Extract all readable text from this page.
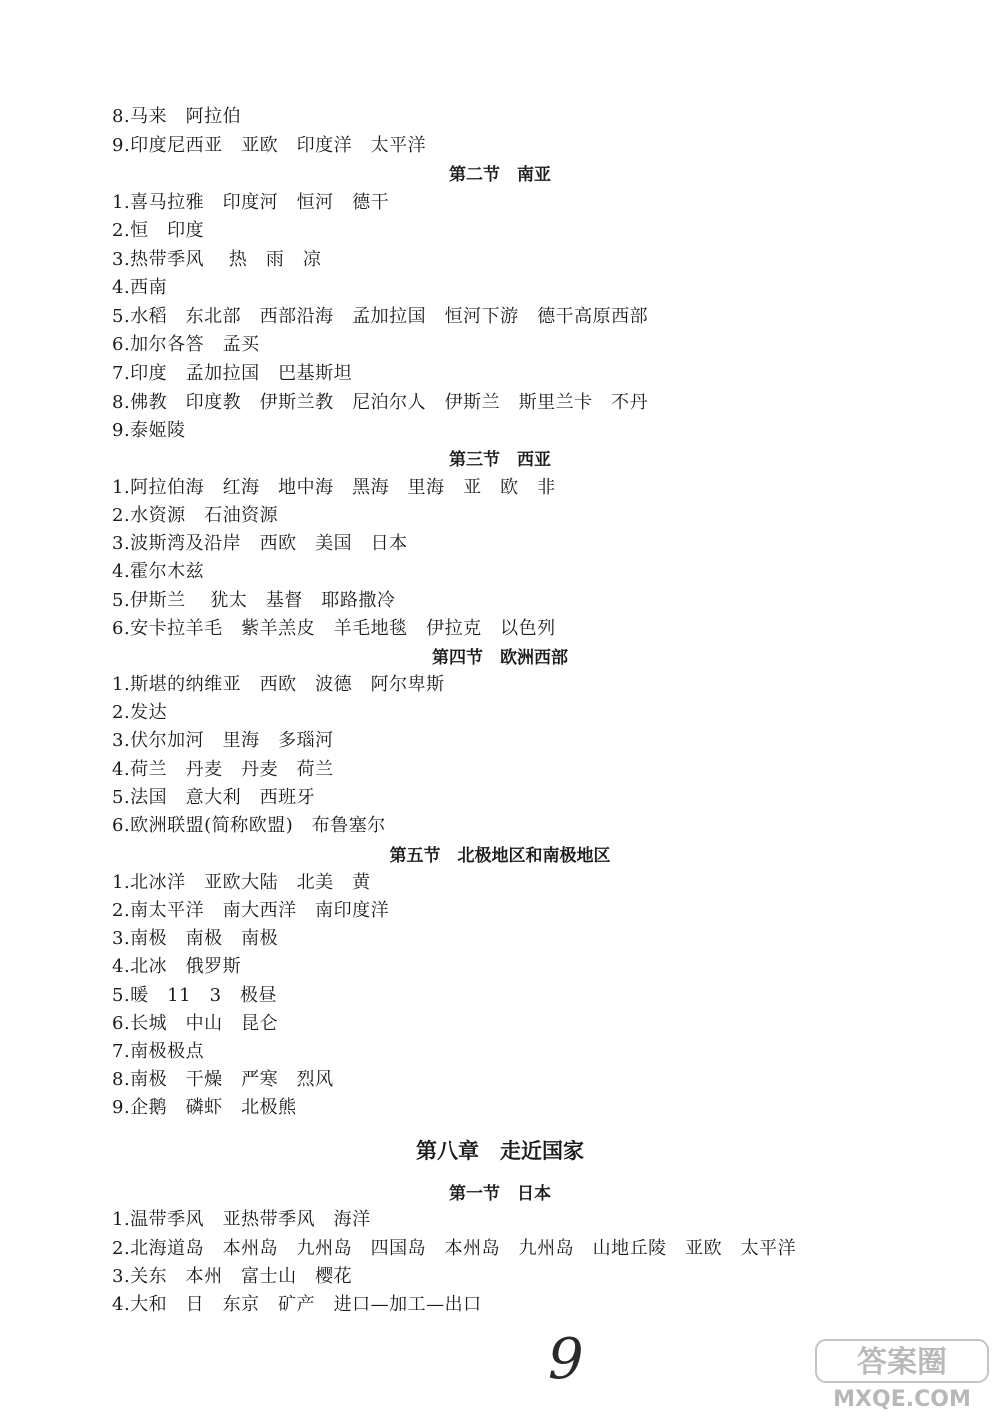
8.马来　阿拉伯
9.印度尼西亚　亚欧　印度洋　太平洋
第二节　南亚
1.喜马拉雅　印度河　恒河　德干
2.恒　印度
3.热带季风　 热　雨　凉
4.西南
5.水稻　东北部　西部沿海　孟加拉国　恒河下游　德干高原西部
6.加尔各答　孟买
7.印度　孟加拉国　巴基斯坦
8.佛教　印度教　伊斯兰教　尼泊尔人　伊斯兰　斯里兰卡　不丹
9.泰姬陵
第三节　西亚
1.阿拉伯海　红海　地中海　黑海　里海　亚　欧　非
2.水资源　石油资源
3.波斯湾及沿岸　西欧　美国　日本
4.霍尔木兹
5.伊斯兰　 犹太　基督　耶路撒冷
6.安卡拉羊毛　紫羊羔皮　羊毛地毯　伊拉克　以色列
第四节　欧洲西部
1.斯堪的纳维亚　西欧　波德　阿尔卑斯
2.发达
3.伏尔加河　里海　多瑙河
4.荷兰　丹麦　丹麦　荷兰
5.法国　意大利　西班牙
6.欧洲联盟(简称欧盟)　布鲁塞尔
第五节　北极地区和南极地区
1.北冰洋　亚欧大陆　北美　黄
2.南太平洋　南大西洋　南印度洋
3.南极　南极　南极
4.北冰　俄罗斯
5.暖　11　3　极昼
6.长城　中山　昆仑
7.南极极点
8.南极　干燥　严寒　烈风
9.企鹅　磷虾　北极熊
第八章　走近国家
第一节　日本
1.温带季风　亚热带季风　海洋
2.北海道岛　本州岛　九州岛　四国岛　本州岛　九州岛　山地丘陵　亚欧　太平洋
3.关东　本州　富士山　樱花
4.大和　日　东京　矿产　进口—加工—出口
9	答案圈
MXQE.COM
